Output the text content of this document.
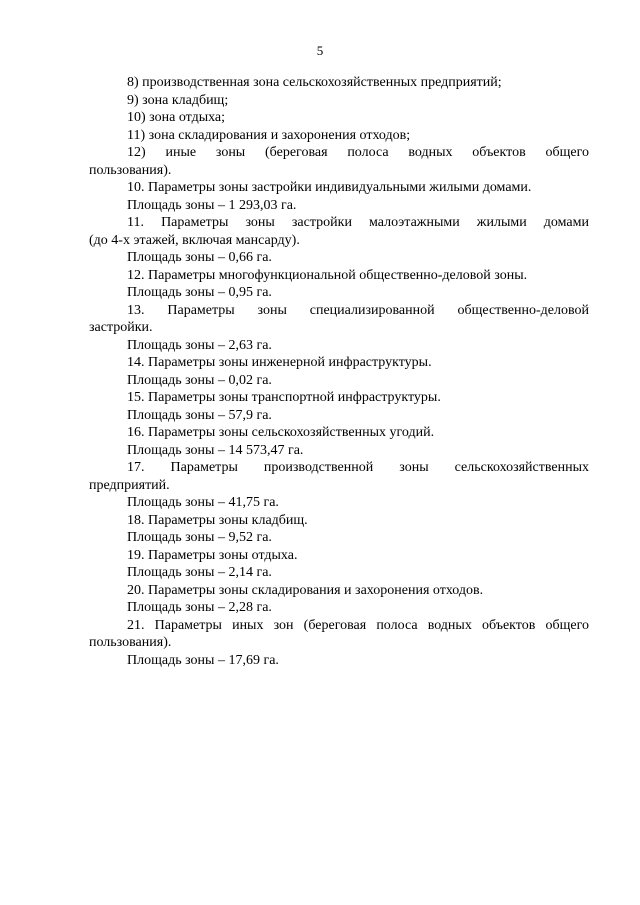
5
8) производственная зона сельскохозяйственных предприятий;
9) зона кладбищ;
10) зона отдыха;
11) зона складирования и захоронения отходов;
12) иные зоны (береговая полоса водных объектов общего
пользования).
10. Параметры зоны застройки индивидуальными жилыми домами.
Площадь зоны – 1 293,03 га.
11. Параметры зоны застройки малоэтажными жилыми домами
(до 4-х этажей, включая мансарду).
Площадь зоны – 0,66 га.
12. Параметры многофункциональной общественно-деловой зоны.
Площадь зоны – 0,95 га.
13. Параметры зоны специализированной общественно-деловой
застройки.
Площадь зоны – 2,63 га.
14. Параметры зоны инженерной инфраструктуры.
Площадь зоны – 0,02 га.
15. Параметры зоны транспортной инфраструктуры.
Площадь зоны – 57,9 га.
16. Параметры зоны сельскохозяйственных угодий.
Площадь зоны – 14 573,47 га.
17. Параметры производственной зоны сельскохозяйственных
предприятий.
Площадь зоны – 41,75 га.
18. Параметры зоны кладбищ.
Площадь зоны – 9,52 га.
19. Параметры зоны отдыха.
Площадь зоны – 2,14 га.
20. Параметры зоны складирования и захоронения отходов.
Площадь зоны – 2,28 га.
21. Параметры иных зон (береговая полоса водных объектов общего
пользования).
Площадь зоны – 17,69 га.
